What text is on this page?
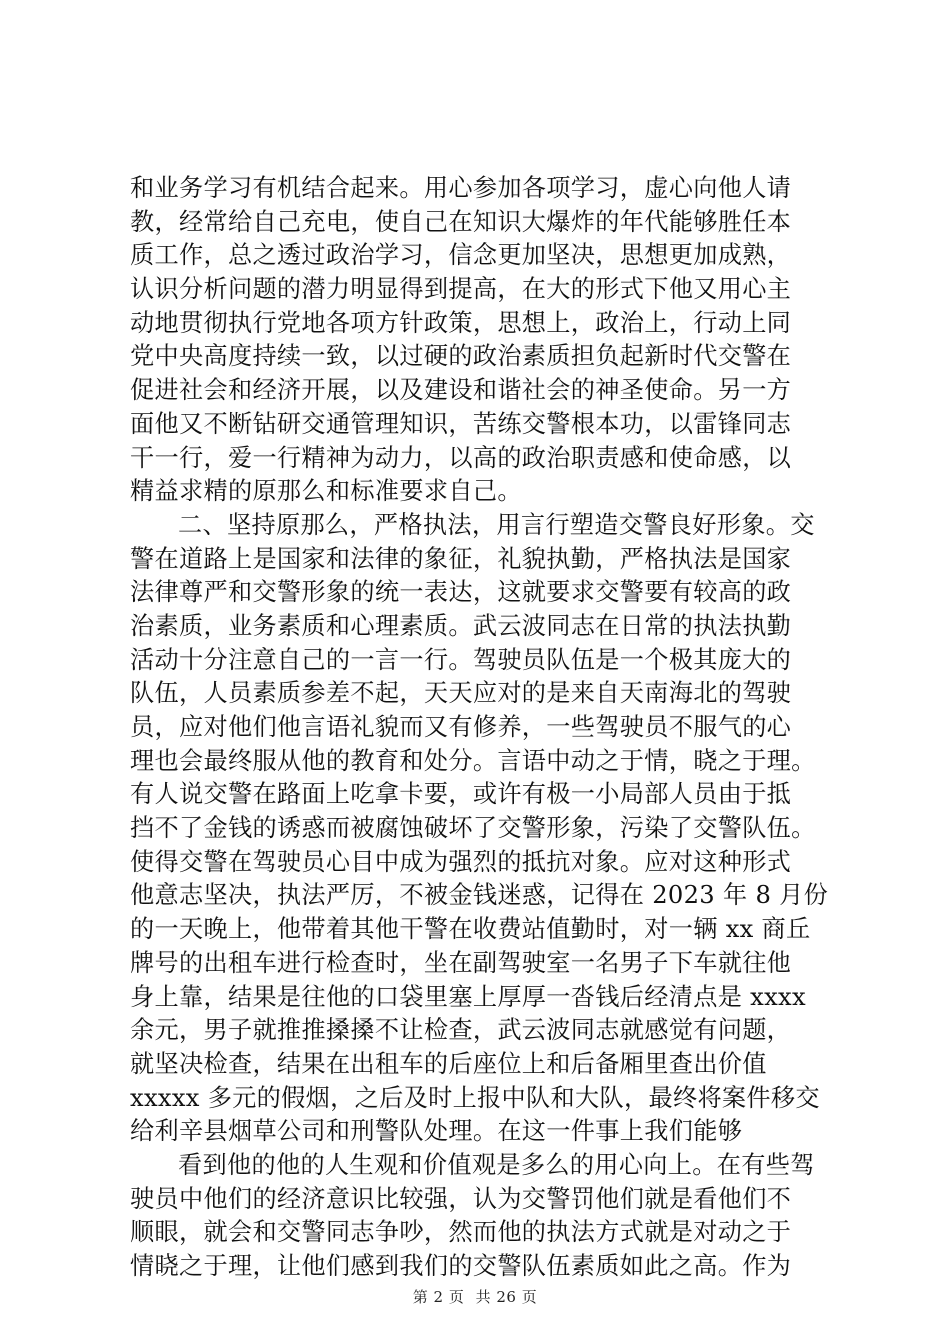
和业务学习有机结合起来。用心参加各项学习，虚心向他人请
教，经常给自己充电，使自己在知识大爆炸的年代能够胜任本
质工作，总之透过政治学习，信念更加坚决，思想更加成熟，
认识分析问题的潜力明显得到提高，在大的形式下他又用心主
动地贯彻执行党地各项方针政策，思想上，政治上，行动上同
党中央高度持续一致，以过硬的政治素质担负起新时代交警在
促进社会和经济开展，以及建设和谐社会的神圣使命。另一方
面他又不断钻研交通管理知识，苦练交警根本功，以雷锋同志
干一行，爱一行精神为动力，以高的政治职责感和使命感，以
精益求精的原那么和标准要求自己。
二、坚持原那么，严格执法，用言行塑造交警良好形象。交
警在道路上是国家和法律的象征，礼貌执勤，严格执法是国家
法律尊严和交警形象的统一表达，这就要求交警要有较高的政
治素质，业务素质和心理素质。武云波同志在日常的执法执勤
活动十分注意自己的一言一行。驾驶员队伍是一个极其庞大的
队伍，人员素质参差不起，天天应对的是来自天南海北的驾驶
员，应对他们他言语礼貌而又有修养，一些驾驶员不服气的心
理也会最终服从他的教育和处分。言语中动之于情，晓之于理。
有人说交警在路面上吃拿卡要，或许有极一小局部人员由于抵
挡不了金钱的诱惑而被腐蚀破坏了交警形象，污染了交警队伍。
使得交警在驾驶员心目中成为强烈的抵抗对象。应对这种形式
他意志坚决，执法严厉，不被金钱迷惑，记得在 2023 年 8 月份
的一天晚上，他带着其他干警在收费站值勤时，对一辆 xx 商丘
牌号的出租车进行检查时，坐在副驾驶室一名男子下车就往他
身上靠，结果是往他的口袋里塞上厚厚一沓钱后经清点是 xxxx
余元，男子就推推搡搡不让检查，武云波同志就感觉有问题，
就坚决检查，结果在出租车的后座位上和后备厢里查出价值
xxxxx 多元的假烟，之后及时上报中队和大队，最终将案件移交
给利辛县烟草公司和刑警队处理。在这一件事上我们能够
看到他的他的人生观和价值观是多么的用心向上。在有些驾
驶员中他们的经济意识比较强，认为交警罚他们就是看他们不
顺眼，就会和交警同志争吵，然而他的执法方式就是对动之于
情晓之于理，让他们感到我们的交警队伍素质如此之高。作为
第 2 页 共 26 页
